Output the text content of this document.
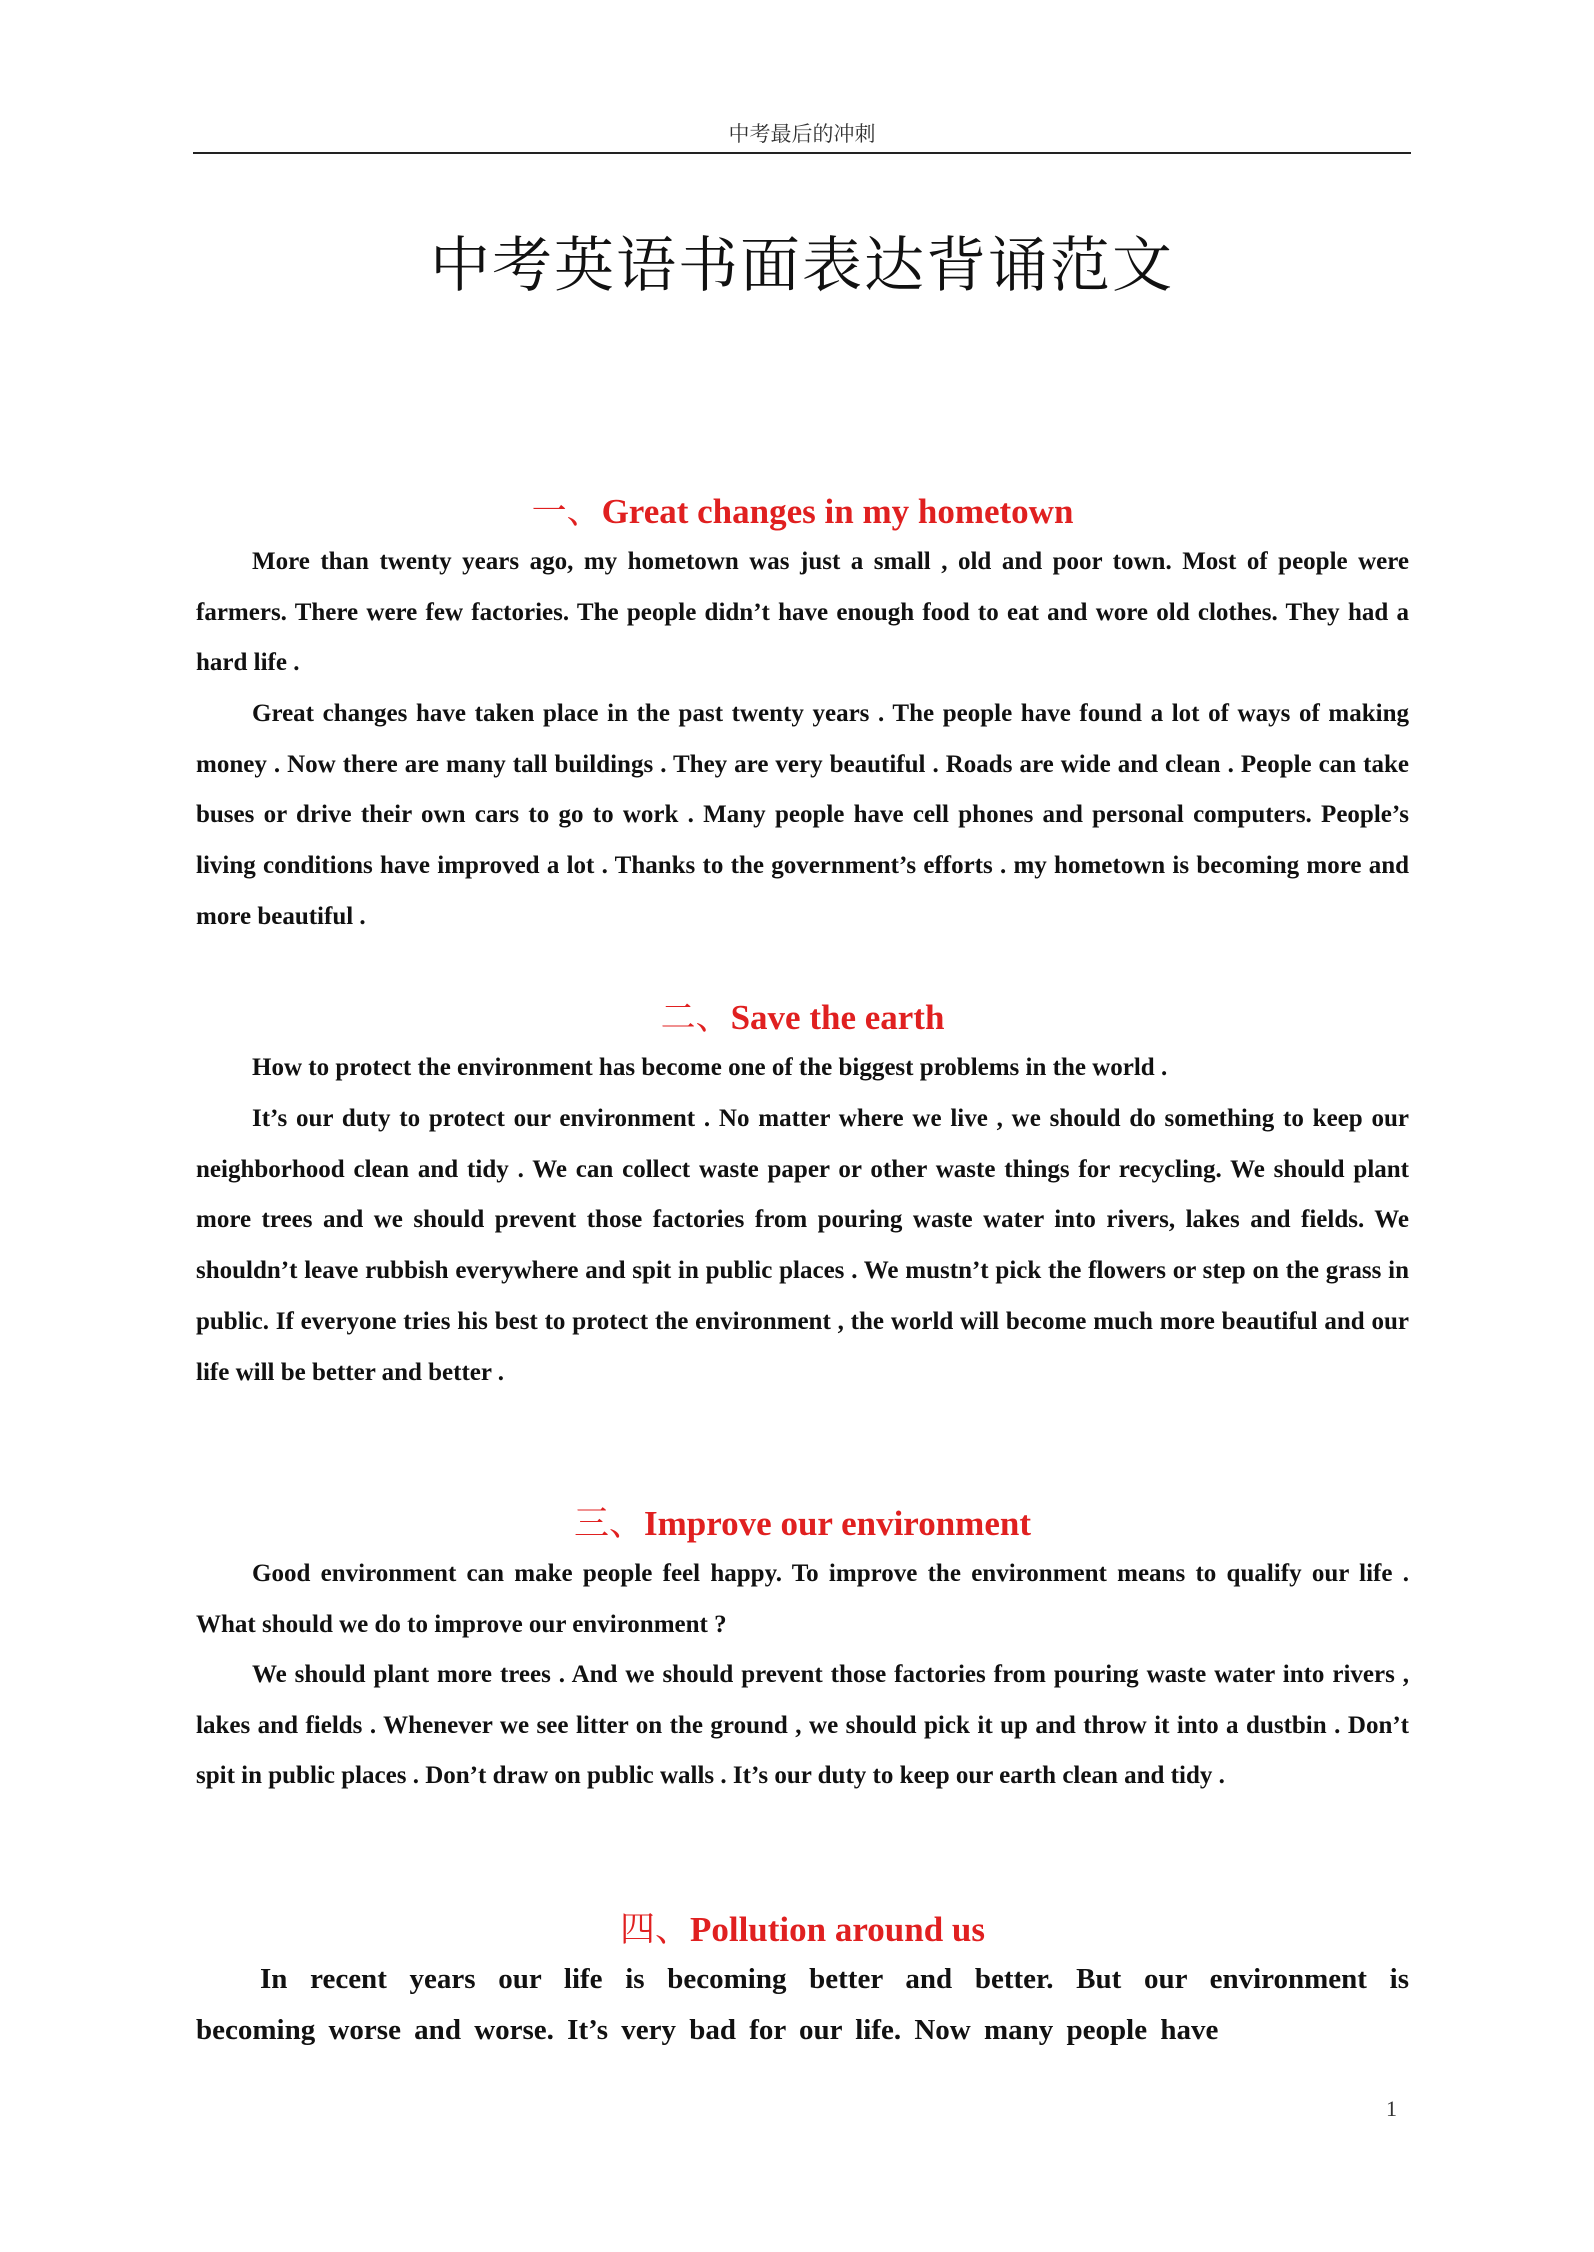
中考最后的冲刺
中考英语书面表达背诵范文
一、Great changes in my hometown

More than twenty years ago, my hometown was just a small , old and poor town. Most of people were farmers. There were few factories. The people didn’t have enough food to eat and wore old clothes. They had a hard life .

Great changes have taken place in the past twenty years . The people have found a lot of ways of making money . Now there are many tall buildings . They are very beautiful . Roads are wide and clean . People can take buses or drive their own cars to go to work . Many people have cell phones and personal computers. People’s living conditions have improved a lot . Thanks to the government’s efforts . my hometown is becoming more and more beautiful .

二、Save the earth

How to protect the environment has become one of the biggest problems in the world .

It’s our duty to protect our environment . No matter where we live , we should do something to keep our neighborhood clean and tidy . We can collect waste paper or other waste things for recycling. We should plant more trees and we should prevent those factories from pouring waste water into rivers, lakes and fields. We shouldn’t leave rubbish everywhere and spit in public places . We mustn’t pick the flowers or step on the grass in public. If everyone tries his best to protect the environment , the world will become much more beautiful and our life will be better and better .

三、Improve our environment

Good environment can make people feel happy. To improve the environment means to qualify our life . What should we do to improve our environment ?

We should plant more trees . And we should prevent those factories from pouring waste water into rivers , lakes and fields . Whenever we see litter on the ground , we should pick it up and throw it into a dustbin . Don’t spit in public places . Don’t draw on public walls . It’s our duty to keep our earth clean and tidy .

四、Pollution around us

In recent years our life is becoming better and better. But our environment is becoming worse and worse. It’s very bad for our life. Now many people have

1
